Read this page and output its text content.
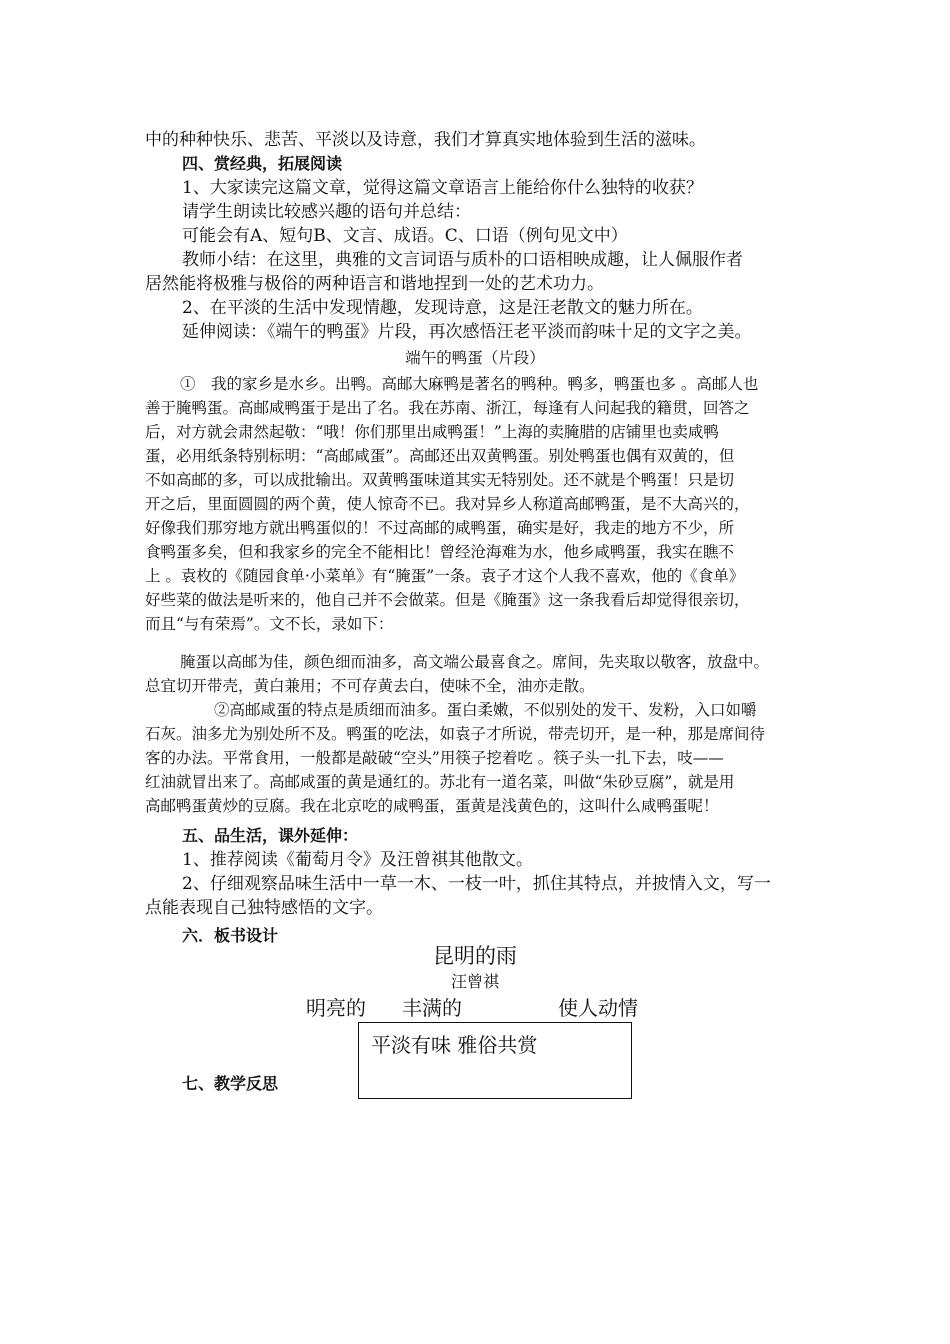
中的种种快乐、悲苦、平淡以及诗意，我们才算真实地体验到生活的滋味。
四、赏经典，拓展阅读
1、大家读完这篇文章，觉得这篇文章语言上能给你什么独特的收获？
请学生朗读比较感兴趣的语句并总结：
可能会有A、短句B、文言、成语。C、口语（例句见文中）
教师小结：在这里，典雅的文言词语与质朴的口语相映成趣，让人佩服作者
居然能将极雅与极俗的两种语言和谐地捏到一处的艺术功力。
2、在平淡的生活中发现情趣，发现诗意，这是汪老散文的魅力所在。
延伸阅读：《端午的鸭蛋》片段，再次感悟汪老平淡而韵味十足的文字之美。
端午的鸭蛋（片段）
①　我的家乡是水乡。出鸭。高邮大麻鸭是著名的鸭种。鸭多，鸭蛋也多 。高邮人也
善于腌鸭蛋。高邮咸鸭蛋于是出了名。我在苏南、浙江，每逢有人问起我的籍贯，回答之
后，对方就会肃然起敬：“哦！你们那里出咸鸭蛋！”上海的卖腌腊的店铺里也卖咸鸭
蛋，必用纸条特别标明：“高邮咸蛋”。高邮还出双黄鸭蛋。别处鸭蛋也偶有双黄的，但
不如高邮的多，可以成批输出。双黄鸭蛋味道其实无特别处。还不就是个鸭蛋！只是切
开之后，里面圆圆的两个黄，使人惊奇不已。我对异乡人称道高邮鸭蛋，是不大高兴的，
好像我们那穷地方就出鸭蛋似的！不过高邮的咸鸭蛋，确实是好，我走的地方不少，所
食鸭蛋多矣，但和我家乡的完全不能相比！曾经沧海难为水，他乡咸鸭蛋，我实在瞧不
上 。袁枚的《随园食单·小菜单》有“腌蛋”一条。袁子才这个人我不喜欢，他的《食单》
好些菜的做法是听来的，他自己并不会做菜。但是《腌蛋》这一条我看后却觉得很亲切，
而且“与有荣焉”。文不长，录如下：
腌蛋以高邮为佳，颜色细而油多，高文端公最喜食之。席间，先夹取以敬客，放盘中。
总宜切开带壳，黄白兼用；不可存黄去白，使味不全，油亦走散。
②高邮咸蛋的特点是质细而油多。蛋白柔嫩，不似别处的发干、发粉，入口如嚼
石灰。油多尤为别处所不及。鸭蛋的吃法，如袁子才所说，带壳切开，是一种，那是席间待
客的办法。平常食用，一般都是敲破“空头”用筷子挖着吃 。筷子头一扎下去，吱——
红油就冒出来了。高邮咸蛋的黄是通红的。苏北有一道名菜，叫做“朱砂豆腐”，就是用
高邮鸭蛋黄炒的豆腐。我在北京吃的咸鸭蛋，蛋黄是浅黄色的，这叫什么咸鸭蛋呢！
五、品生活，课外延伸：
1、推荐阅读《葡萄月令》及汪曾祺其他散文。
2、仔细观察品味生活中一草一木、一枝一叶，抓住其特点，并披情入文，写一
点能表现自己独特感悟的文字。
六．板书设计
昆明的雨
汪曾祺
明亮的 丰满的	使人动情
平淡有味 雅俗共赏
七、教学反思
